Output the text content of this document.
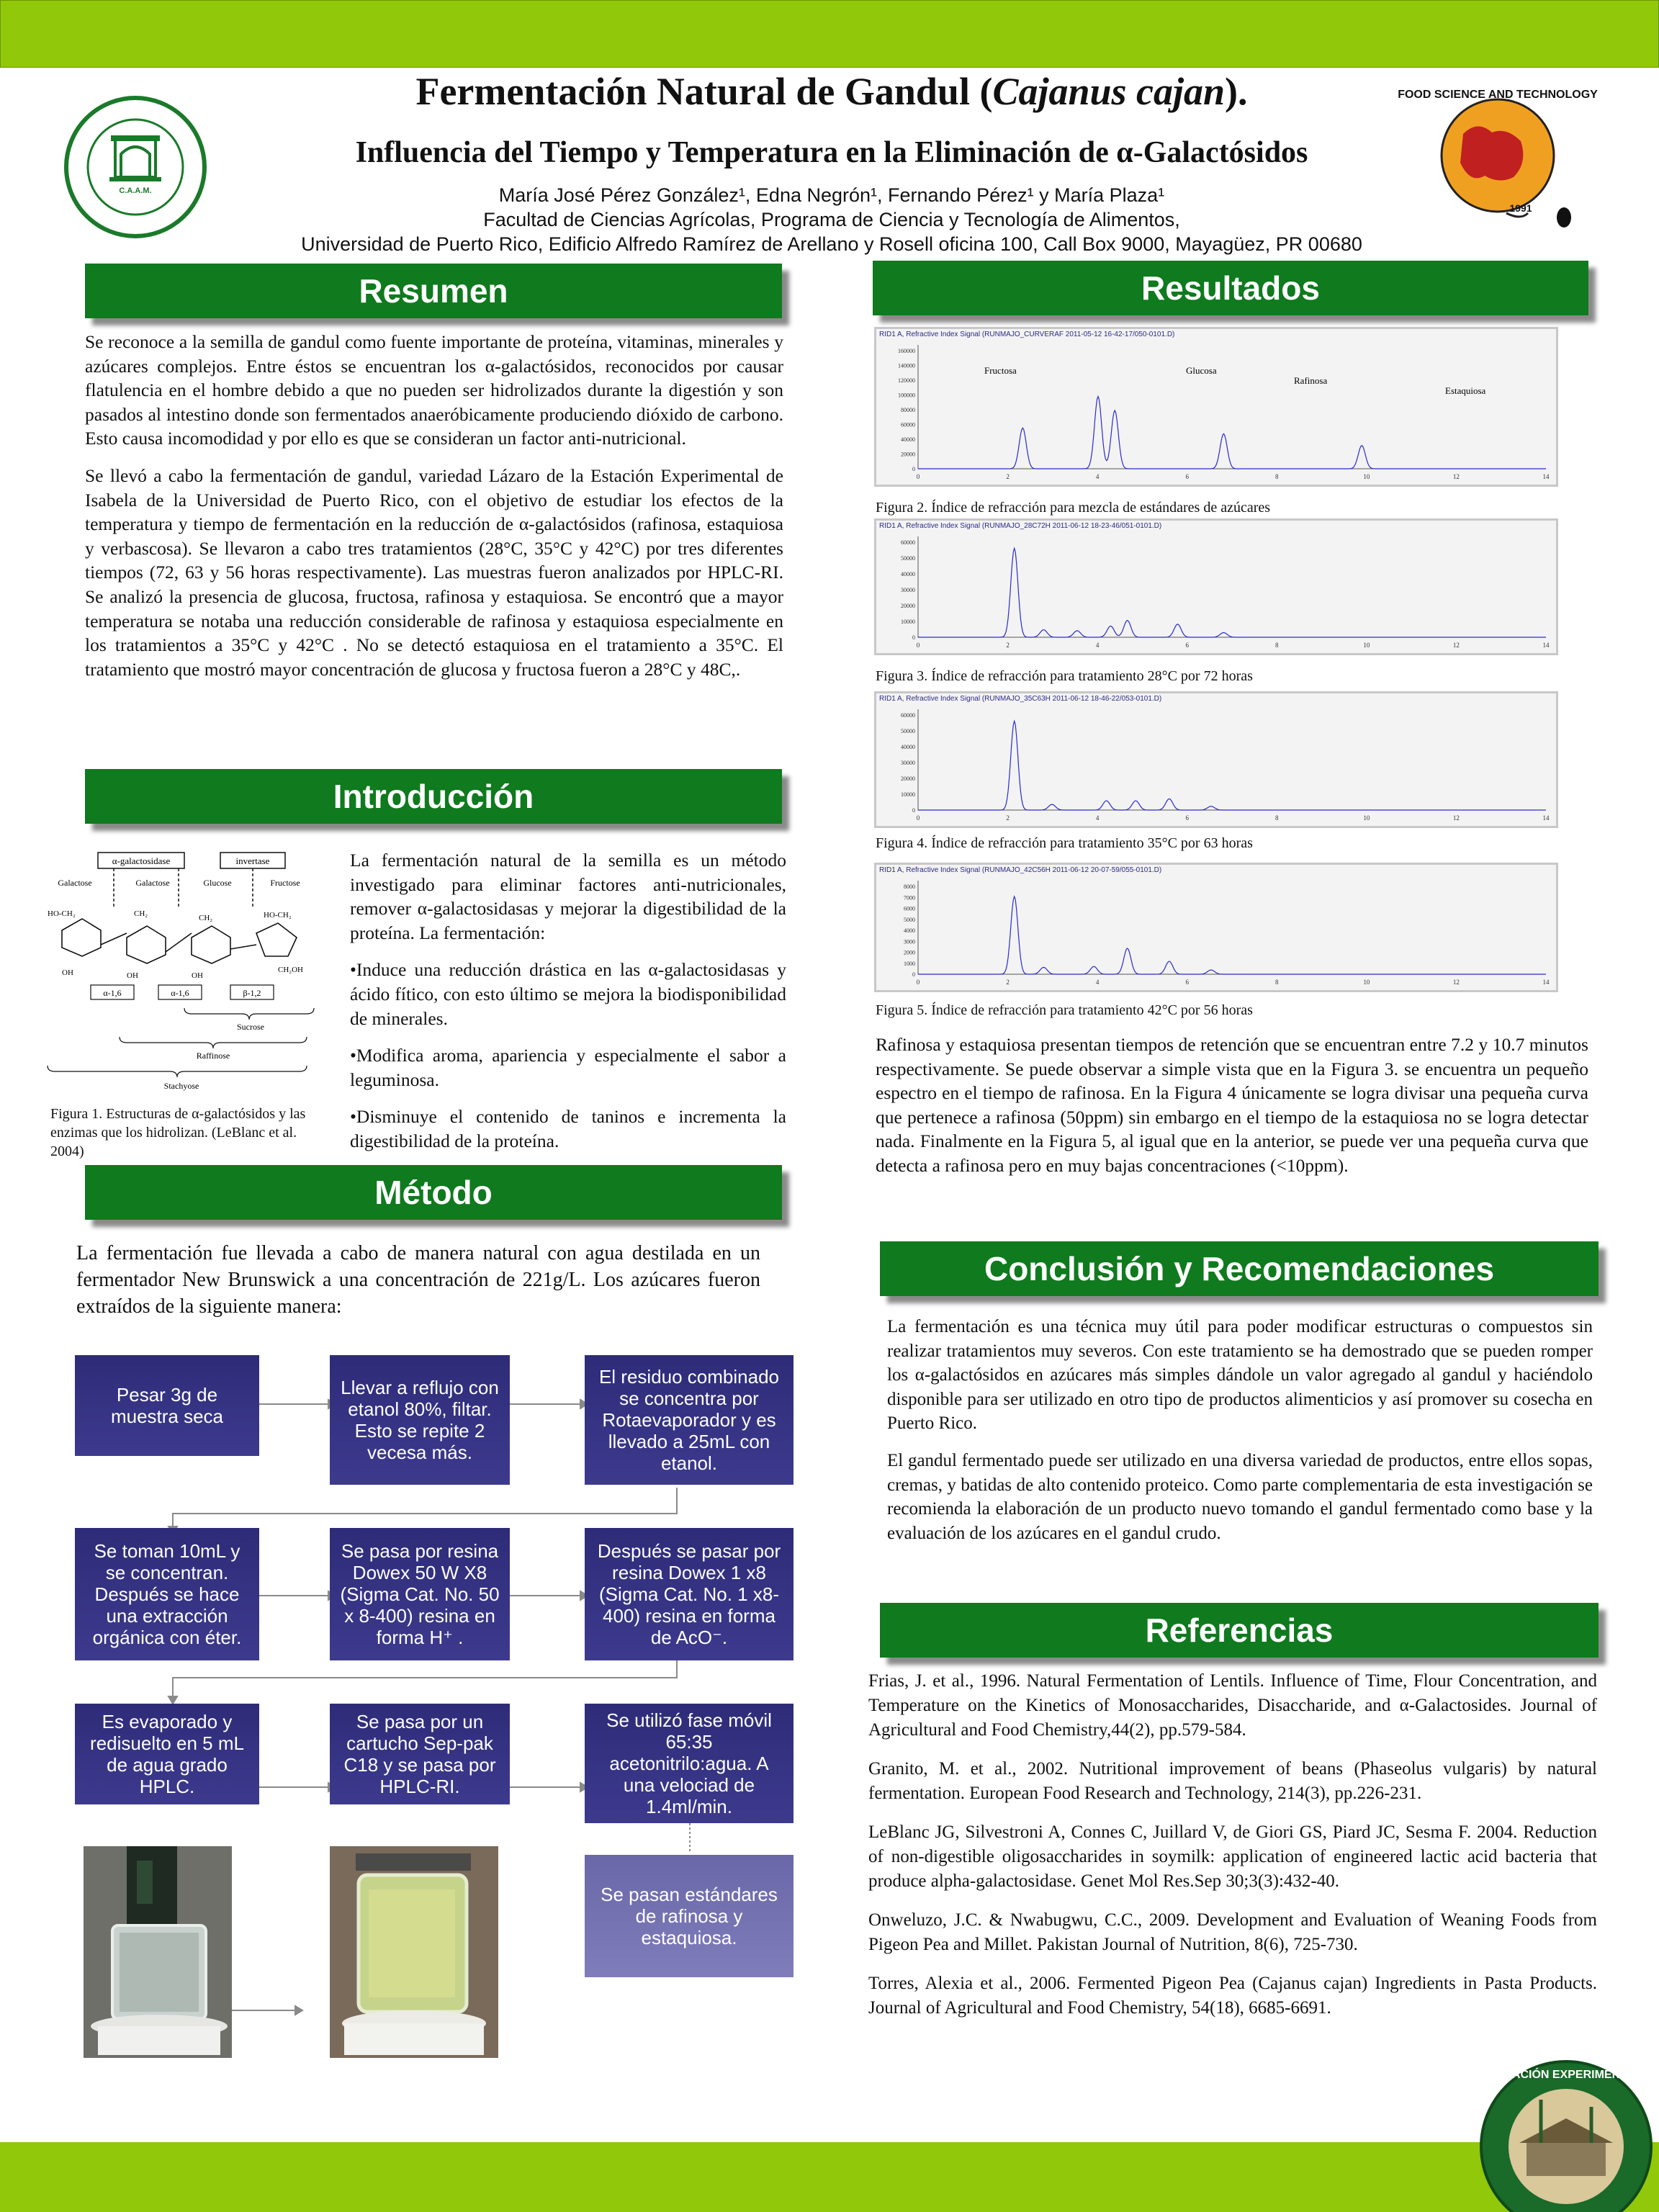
C.A.A.M.
FOOD SCIENCE AND TECHNOLOGY
1991
Fermentación Natural de Gandul (Cajanus cajan).
Influencia del Tiempo y Temperatura en la Eliminación de α-Galactósidos
María José Pérez González¹, Edna Negrón¹, Fernando Pérez¹ y María Plaza¹
Facultad de Ciencias Agrícolas, Programa de Ciencia y Tecnología de Alimentos,
Universidad de Puerto Rico, Edificio Alfredo Ramírez de Arellano y Rosell oficina 100, Call Box 9000, Mayagüez, PR 00680
Resumen

Se reconoce a la semilla de gandul como fuente importante de proteína, vitaminas, minerales y azúcares complejos. Entre éstos se encuentran los α-galactósidos, reconocidos por causar flatulencia en el hombre debido a que no pueden ser hidrolizados durante la digestión y son pasados al intestino donde son fermentados anaeróbicamente produciendo dióxido de carbono. Esto causa incomodidad y por ello es que se consideran un factor anti-nutricional.

Se llevó a cabo la fermentación de gandul, variedad Lázaro de la Estación Experimental de Isabela de la Universidad de Puerto Rico, con el objetivo de estudiar los efectos de la temperatura y tiempo de fermentación en la reducción de α-galactósidos (rafinosa, estaquiosa y verbascosa). Se llevaron a cabo tres tratamientos (28°C, 35°C y 42°C) por tres diferentes tiempos (72, 63 y 56 horas respectivamente). Las muestras fueron analizados por HPLC-RI. Se analizó la presencia de glucosa, fructosa, rafinosa y estaquiosa. Se encontró que a mayor temperatura se notaba una reducción considerable de rafinosa y estaquiosa especialmente en los tratamientos a 35°C y 42°C . No se detectó estaquiosa en el tratamiento a 35°C. El tratamiento que mostró mayor concentración de glucosa y fructosa fueron a 28°C y 48C,.

Introducción
α-galactosidase	invertase
Galactose	Galactose	Glucose	Fructose
HO-CH₂	CH₂	CH₂	HO-CH₂
OH	OH	OH
CH₂OH
α-1,6	α-1,6	β-1,2
Sucrose
Raffinose
Stachyose
Figura 1. Estructuras de α-galactósidos y las enzimas que los hidrolizan. (LeBlanc et al. 2004)

La fermentación natural de la semilla es un método investigado para eliminar factores anti-nutricionales, remover α-galactosidasas y mejorar la digestibilidad de la proteína. La fermentación:

•Induce una reducción drástica en las α-galactosidasas y ácido fítico, con esto último se mejora la biodisponibilidad de minerales.

•Modifica aroma, apariencia y especialmente el sabor a leguminosa.

•Disminuye el contenido de taninos e incrementa la digestibilidad de la proteína.

Método
La fermentación fue llevada a cabo de manera natural con agua destilada en un fermentador New Brunswick a una concentración de 221g/L. Los azúcares fueron extraídos de la siguiente manera:
Pesar 3g de muestra seca
Llevar a reflujo con etanol 80%, filtar. Esto se repite 2 vecesa más.
El residuo combinado se concentra por Rotaevaporador y es llevado a 25mL con etanol.
Se toman 10mL y se concentran. Después se hace una extracción orgánica con éter.
Se pasa por resina Dowex 50 W X8 (Sigma Cat. No. 50 x 8-400) resina en forma H⁺ .
Después se pasar por resina Dowex 1 x8 (Sigma Cat. No. 1 x8-400) resina en forma de AcO⁻.
Es evaporado y redisuelto en 5 mL de agua grado HPLC.
Se pasa por un cartucho Sep-pak C18 y se pasa por HPLC-RI.
Se utilizó fase móvil 65:35 acetonitrilo:agua. A una velociad de 1.4ml/min.
Se pasan estándares de rafinosa y estaquiosa.
Resultados
RID1 A, Refractive Index Signal (RUNMAJO_CURVERAF 2011-05-12 16-42-17/050-0101.D)
0	2	4	6	8	10	12	14
160000
140000
120000
100000
80000
60000
40000
20000
0
Fructosa	Glucosa
Rafinosa
Estaquiosa
Figura 2. Índice de refracción para mezcla de estándares de azúcares
RID1 A, Refractive Index Signal (RUNMAJO_28C72H 2011-06-12 18-23-46/051-0101.D)
0	2	4	6	8	10	12	14
60000
50000
40000
30000
20000
10000
0
Figura 3. Índice de refracción para tratamiento 28°C por 72 horas
RID1 A, Refractive Index Signal (RUNMAJO_35C63H 2011-06-12 18-46-22/053-0101.D)
0	2	4	6	8	10	12	14
60000
50000
40000
30000
20000
10000
0
Figura 4. Índice de refracción para tratamiento 35°C por 63 horas
RID1 A, Refractive Index Signal (RUNMAJO_42C56H 2011-06-12 20-07-59/055-0101.D)
0	2	4	6	8	10	12	14
8000
7000
6000
5000
4000
3000
2000
1000
0
Figura 5. Índice de refracción para tratamiento 42°C por 56 horas
Rafinosa y estaquiosa presentan tiempos de retención que se encuentran entre 7.2 y 10.7 minutos respectivamente. Se puede observar a simple vista que en la Figura 3. se encuentra un pequeño espectro en el tiempo de rafinosa. En la Figura 4 únicamente se logra divisar una pequeña curva que pertenece a rafinosa (50ppm) sin embargo en el tiempo de la estaquiosa no se logra detectar nada. Finalmente en la Figura 5, al igual que en la anterior, se puede ver una pequeña curva que detecta a rafinosa pero en muy bajas concentraciones (<10ppm).
Conclusión y Recomendaciones

La fermentación es una técnica muy útil para poder modificar estructuras o compuestos sin realizar tratamientos muy severos. Con este tratamiento se ha demostrado que se pueden romper los α-galactósidos en azúcares más simples dándole un valor agregado al gandul y haciéndolo disponible para ser utilizado en otro tipo de productos alimenticios y así promover su cosecha en Puerto Rico.

El gandul fermentado puede ser utilizado en una diversa variedad de productos, entre ellos sopas, cremas, y batidas de alto contenido proteico. Como parte complementaria de esta investigación se recomienda la elaboración de un producto nuevo tomando el gandul fermentado como base y la evaluación de los azúcares en el gandul crudo.

Referencias

Frias, J. et al., 1996. Natural Fermentation of Lentils. Influence of Time, Flour Concentration, and Temperature on the Kinetics of Monosaccharides, Disaccharide, and α-Galactosides. Journal of Agricultural and Food Chemistry,44(2), pp.579-584.

Granito, M. et al., 2002. Nutritional improvement of beans (Phaseolus vulgaris) by natural fermentation. European Food Research and Technology, 214(3), pp.226-231.

LeBlanc JG, Silvestroni A, Connes C, Juillard V, de Giori GS, Piard JC, Sesma F. 2004. Reduction of non-digestible oligosaccharides in soymilk: application of engineered lactic acid bacteria that produce alpha-galactosidase. Genet Mol Res.Sep 30;3(3):432-40.

Onweluzo, J.C. & Nwabugwu, C.C., 2009. Development and Evaluation of Weaning Foods from Pigeon Pea and Millet. Pakistan Journal of Nutrition, 8(6), 725-730.

Torres, Alexia et al., 2006. Fermented Pigeon Pea (Cajanus cajan) Ingredients in Pasta Products. Journal of Agricultural and Food Chemistry, 54(18), 6685-6691.

ESTACIÓN EXPERIMENTAL
